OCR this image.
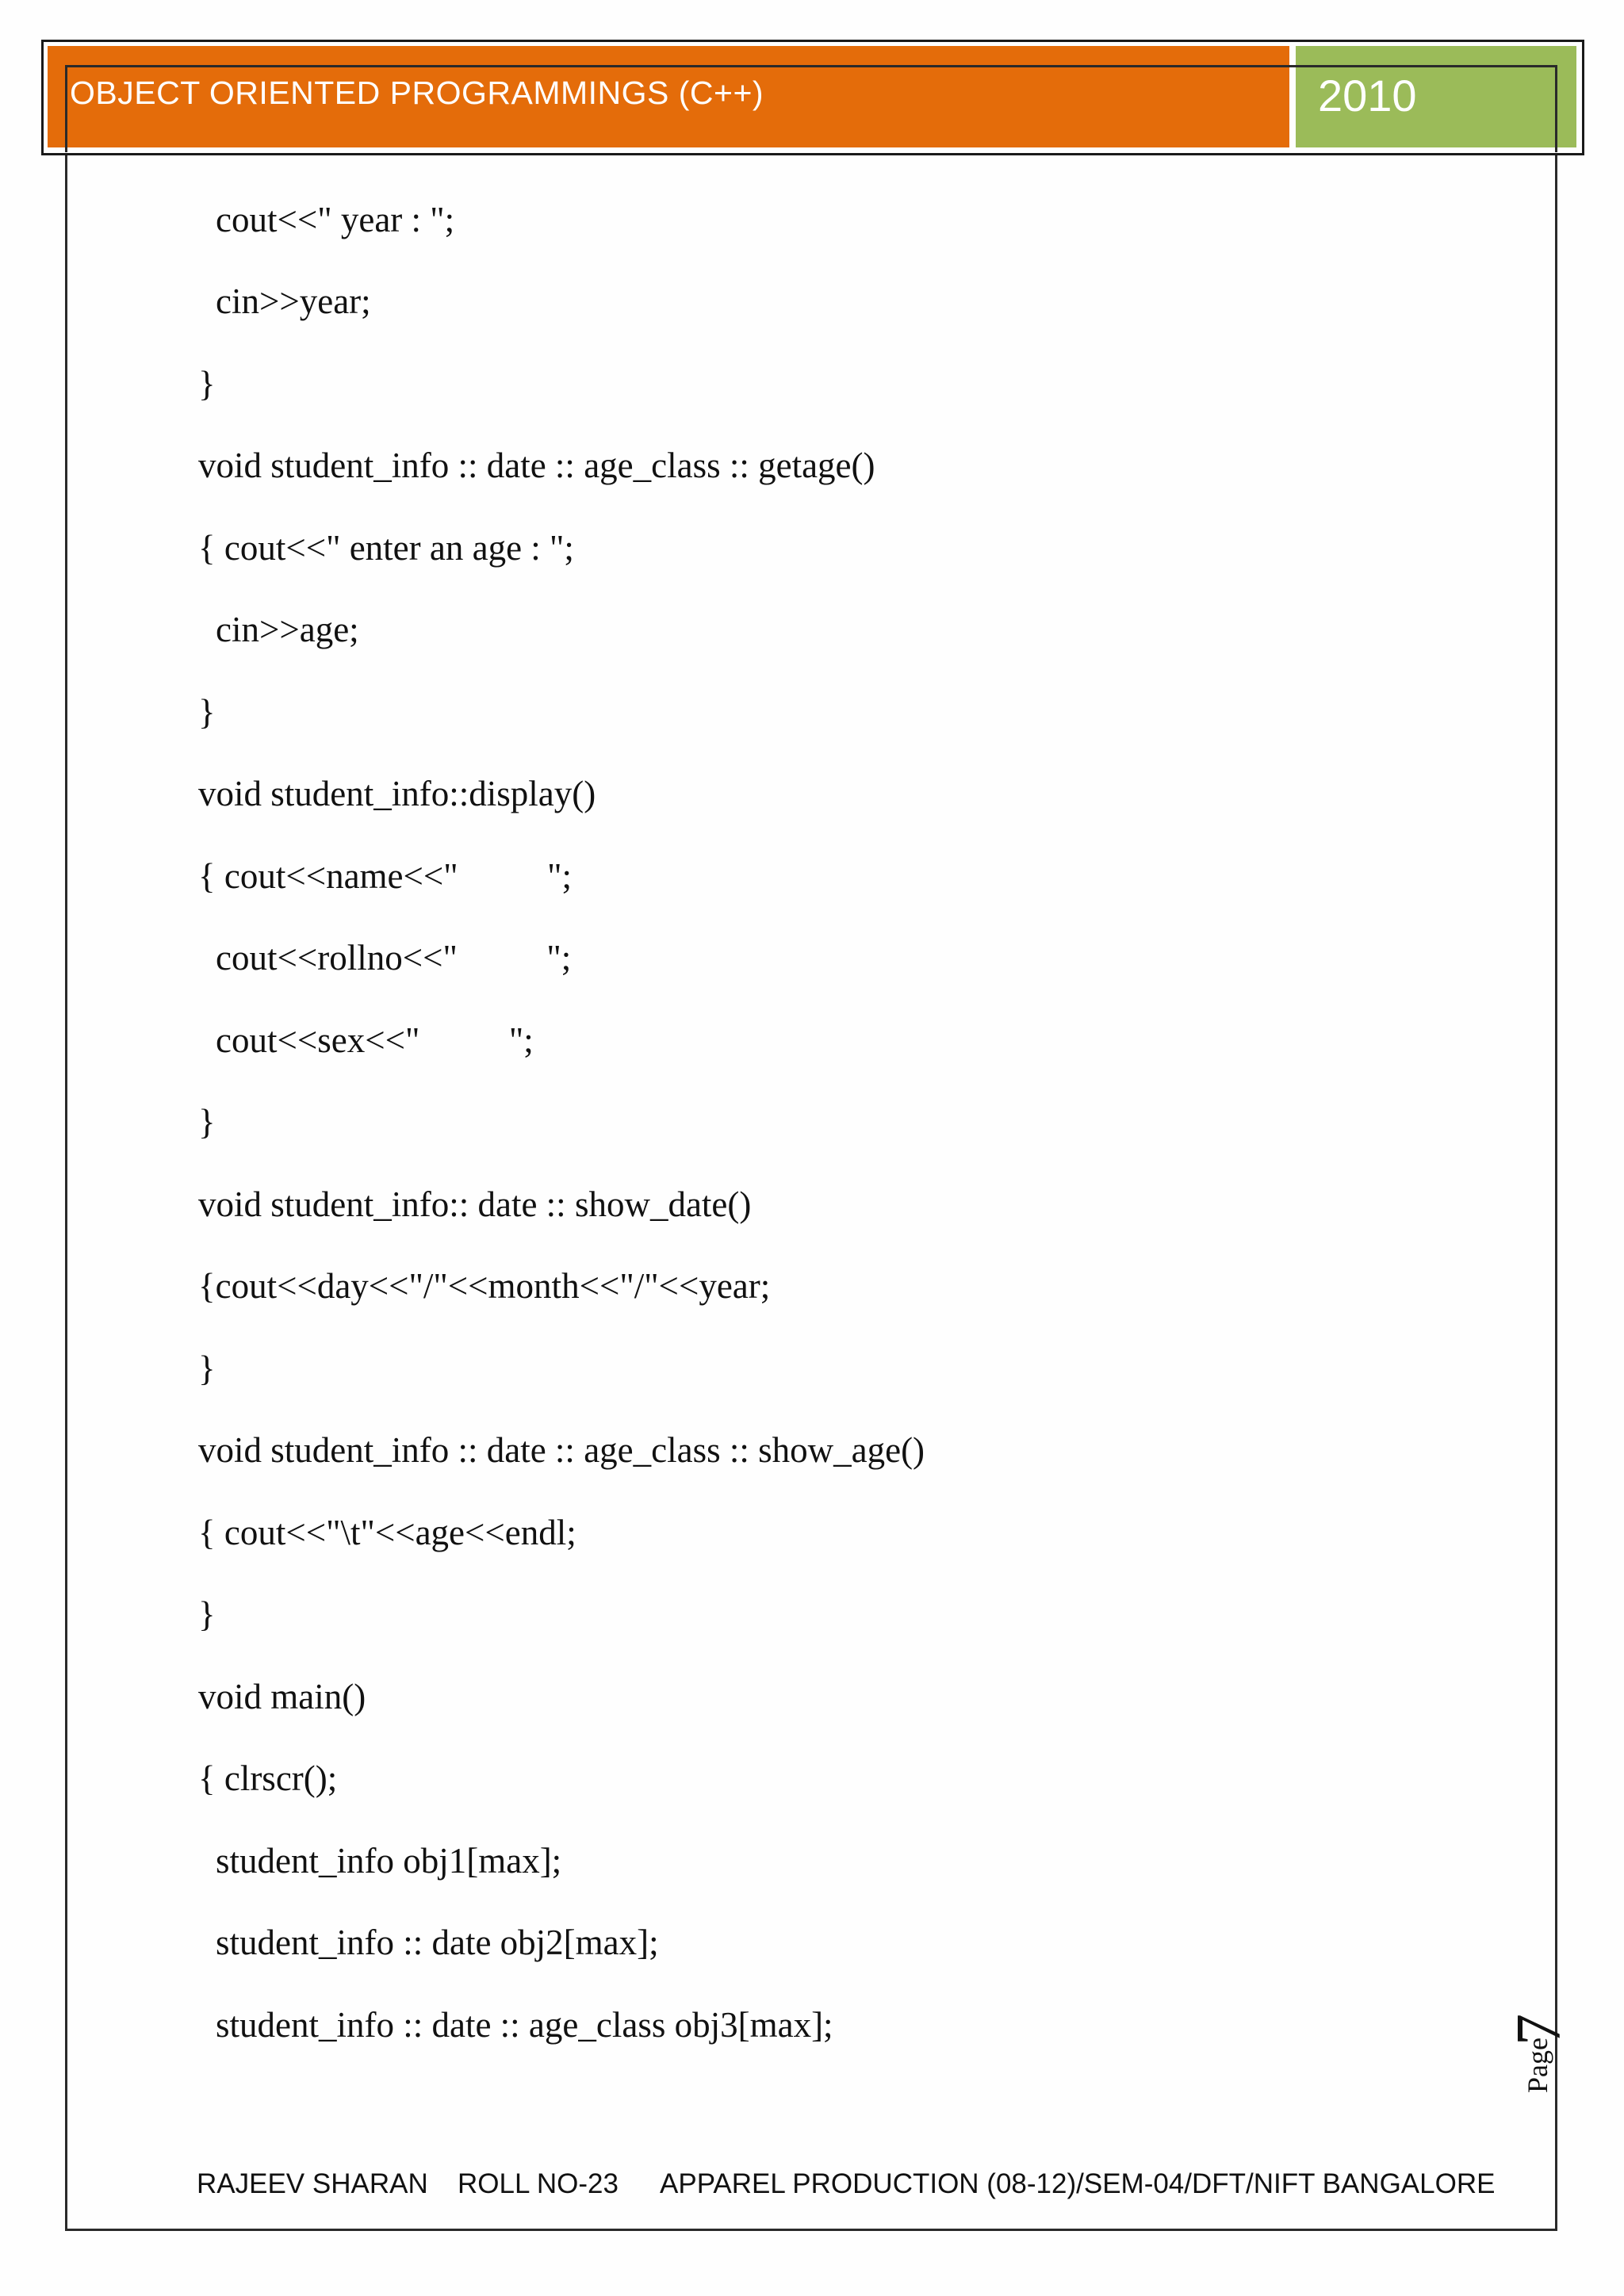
OBJECT ORIENTED PROGRAMMINGS (C++)	2010
cout<<" year : ";
cin>>year;
}
void student_info :: date :: age_class :: getage()
{ cout<<" enter an age : ";
cin>>age;
}
void student_info::display()
{ cout<<name<<"          ";
cout<<rollno<<"          ";
cout<<sex<<"          ";
}
void student_info:: date :: show_date()
{cout<<day<<"/"<<month<<"/"<<year;
}
void student_info :: date :: age_class :: show_age()
{ cout<<"\t"<<age<<endl;
}
void main()
{ clrscr();
student_info obj1[max];
student_info :: date obj2[max];
student_info :: date :: age_class obj3[max];
Page
7
RAJEEV SHARAN ROLL NO-23 APPAREL PRODUCTION (08-12)/SEM-04/DFT/NIFT BANGALORE
